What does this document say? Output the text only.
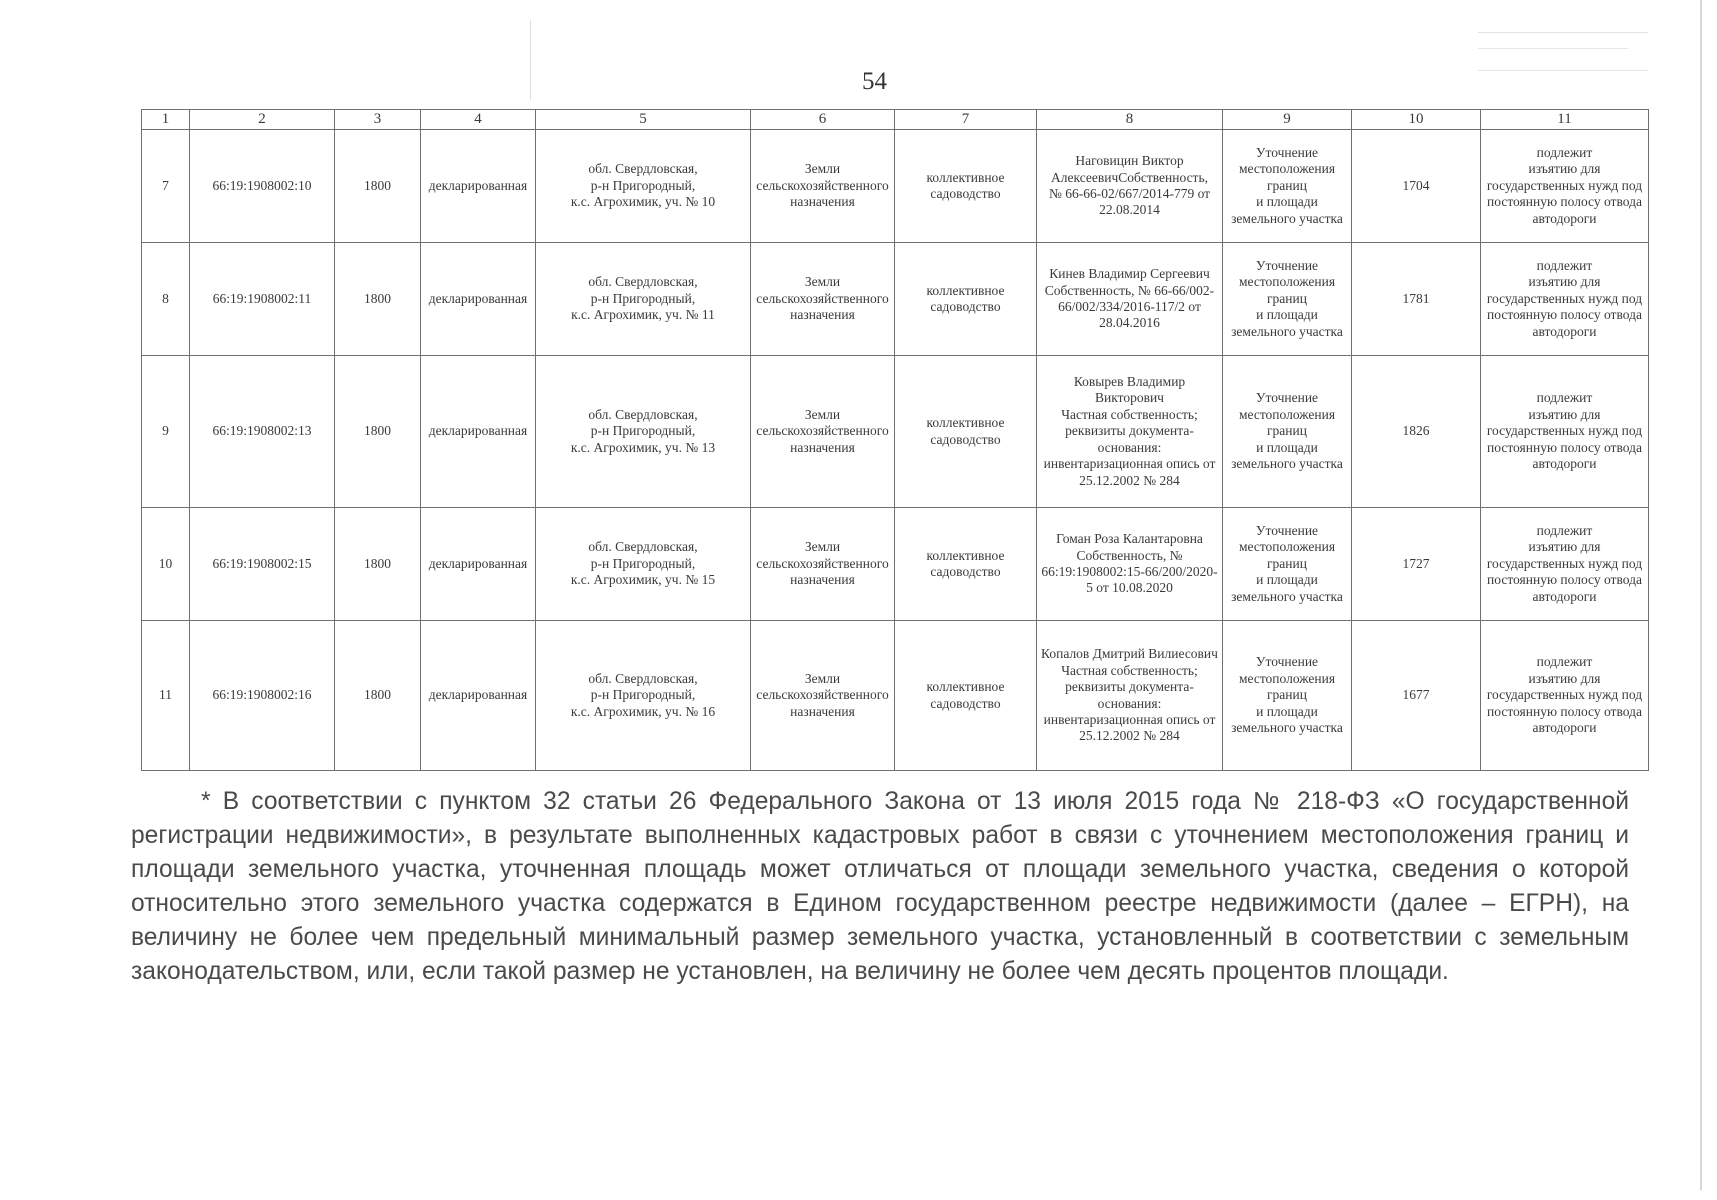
54
1	2	3	4	5	6	7	8	9	10	11
7	66:19:1908002:10	1800	декларированная	обл. Свердловская,
р-н Пригородный,
к.с. Агрохимик, уч. № 10	Земли сельскохозяйственного назначения	коллективное садоводство	Наговицин Виктор АлексеевичСобственность,
№ 66-66-02/667/2014-779 от 22.08.2014	Уточнение местоположения границ
и площади земельного участка	1704	подлежит
изъятию для государственных нужд под постоянную полосу отвода автодороги
8	66:19:1908002:11	1800	декларированная	обл. Свердловская,
р-н Пригородный,
к.с. Агрохимик, уч. № 11	Земли сельскохозяйственного назначения	коллективное садоводство	Кинев Владимир Сергеевич Собственность, № 66-66/002-66/002/334/2016-117/2 от 28.04.2016	Уточнение местоположения границ
и площади земельного участка	1781	подлежит
изъятию для государственных нужд под постоянную полосу отвода автодороги
9	66:19:1908002:13	1800	декларированная	обл. Свердловская,
р-н Пригородный,
к.с. Агрохимик, уч. № 13	Земли сельскохозяйственного назначения	коллективное садоводство	Ковырев Владимир Викторович
Частная собственность; реквизиты документа-основания: инвентаризационная опись от 25.12.2002 № 284	Уточнение местоположения границ
и площади земельного участка	1826	подлежит
изъятию для государственных нужд под постоянную полосу отвода автодороги
10	66:19:1908002:15	1800	декларированная	обл. Свердловская,
р-н Пригородный,
к.с. Агрохимик, уч. № 15	Земли сельскохозяйственного назначения	коллективное садоводство	Гоман Роза Калантаровна Собственность, № 66:19:1908002:15-66/200/2020-5 от 10.08.2020	Уточнение местоположения границ
и площади земельного участка	1727	подлежит
изъятию для государственных нужд под постоянную полосу отвода автодороги
11	66:19:1908002:16	1800	декларированная	обл. Свердловская,
р-н Пригородный,
к.с. Агрохимик, уч. № 16	Земли сельскохозяйственного назначения	коллективное садоводство	Копалов Дмитрий Вилиесович
Частная собственность; реквизиты документа-основания: инвентаризационная опись от 25.12.2002 № 284	Уточнение местоположения границ
и площади земельного участка	1677	подлежит
изъятию для государственных нужд под постоянную полосу отвода автодороги

* В соответствии с пунктом 32 статьи 26 Федерального Закона от 13 июля 2015 года № 218-ФЗ «О государственной регистрации недвижимости», в результате выполненных кадастровых работ в связи с уточнением местоположения границ и площади земельного участка, уточненная площадь может отличаться от площади земельного участка, сведения о которой относительно этого земельного участка содержатся в Едином государственном реестре недвижимости (далее – ЕГРН), на величину не более чем предельный минимальный размер земельного участка, установленный в соответствии с земельным законодательством, или, если такой размер не установлен, на величину не более чем десять процентов площади.
